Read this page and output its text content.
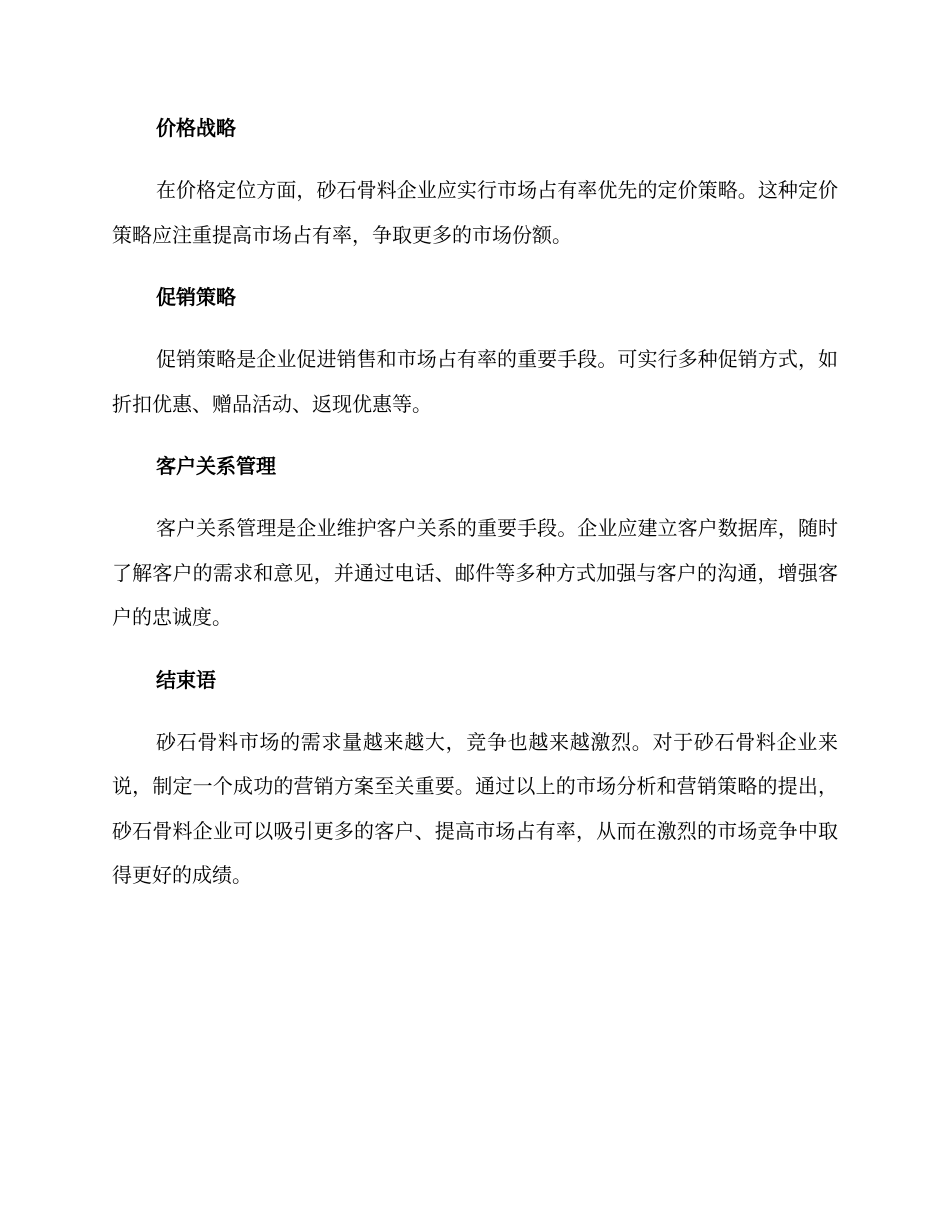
价格战略

在价格定位方面，砂石骨料企业应实行市场占有率优先的定价策略。这种定价策略应注重提高市场占有率，争取更多的市场份额。

促销策略

促销策略是企业促进销售和市场占有率的重要手段。可实行多种促销方式，如折扣优惠、赠品活动、返现优惠等。

客户关系管理

客户关系管理是企业维护客户关系的重要手段。企业应建立客户数据库，随时了解客户的需求和意见，并通过电话、邮件等多种方式加强与客户的沟通，增强客户的忠诚度。

结束语

砂石骨料市场的需求量越来越大，竞争也越来越激烈。对于砂石骨料企业来说，制定一个成功的营销方案至关重要。通过以上的市场分析和营销策略的提出，砂石骨料企业可以吸引更多的客户、提高市场占有率，从而在激烈的市场竞争中取得更好的成绩。
